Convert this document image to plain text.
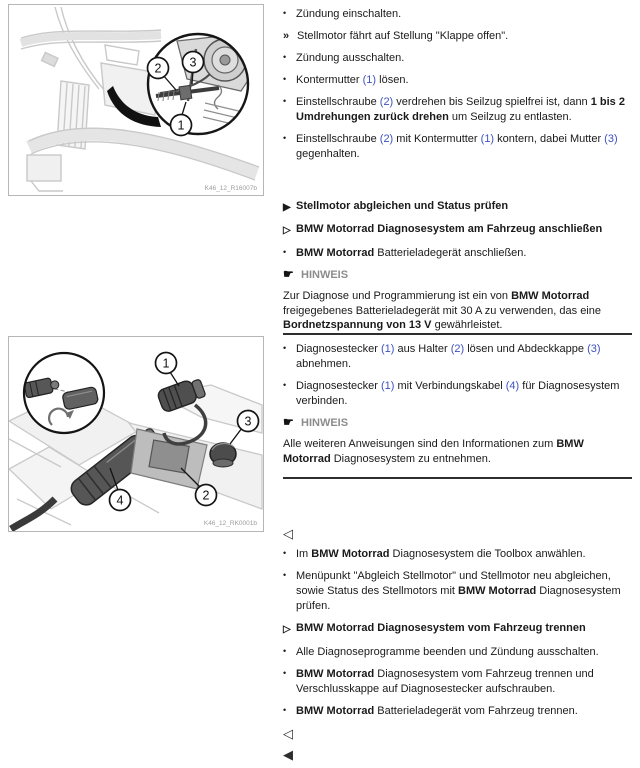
2 3
1
K46_12_R16007b
1
3
2
4
K46_12_RK0001b
• Zündung einschalten.
» Stellmotor fährt auf Stellung "Klappe offen".
• Zündung ausschalten.
• Kontermutter (1) lösen.
• Einstellschraube (2) verdrehen bis Seilzug spielfrei ist, dann 1 bis 2 Umdrehungen zurück drehen um Seilzug zu entlasten.
• Einstellschraube (2) mit Kontermutter (1) kontern, dabei Mutter (3) gegenhalten.
▶ Stellmotor abgleichen und Status prüfen
▷ BMW Motorrad Diagnosesystem am Fahrzeug anschließen
• BMW Motorrad Batterieladegerät anschließen.
☛ HINWEIS
Zur Diagnose und Programmierung ist ein von BMW Motorrad freigegebenes Batterieladegerät mit 30 A zu verwenden, das eine Bordnetzspannung von 13 V gewährleistet.
• Diagnosestecker (1) aus Halter (2) lösen und Abdeckkappe (3) abnehmen.
• Diagnosestecker (1) mit Verbindungskabel (4) für Diagnosesystem verbinden.
☛ HINWEIS
Alle weiteren Anweisungen sind den Informationen zum BMW Motorrad Diagnosesystem zu entnehmen.
◁
• Im BMW Motorrad Diagnosesystem die Toolbox anwählen.
• Menüpunkt "Abgleich Stellmotor" und Stellmotor neu abgleichen, sowie Status des Stellmotors mit BMW Motorrad Diagnosesystem prüfen.
▷ BMW Motorrad Diagnosesystem vom Fahrzeug trennen
• Alle Diagnoseprogramme beenden und Zündung ausschalten.
• BMW Motorrad Diagnosesystem vom Fahrzeug trennen und Verschlusskappe auf Diagnosestecker aufschrauben.
• BMW Motorrad Batterieladegerät vom Fahrzeug trennen.
◁
◀
